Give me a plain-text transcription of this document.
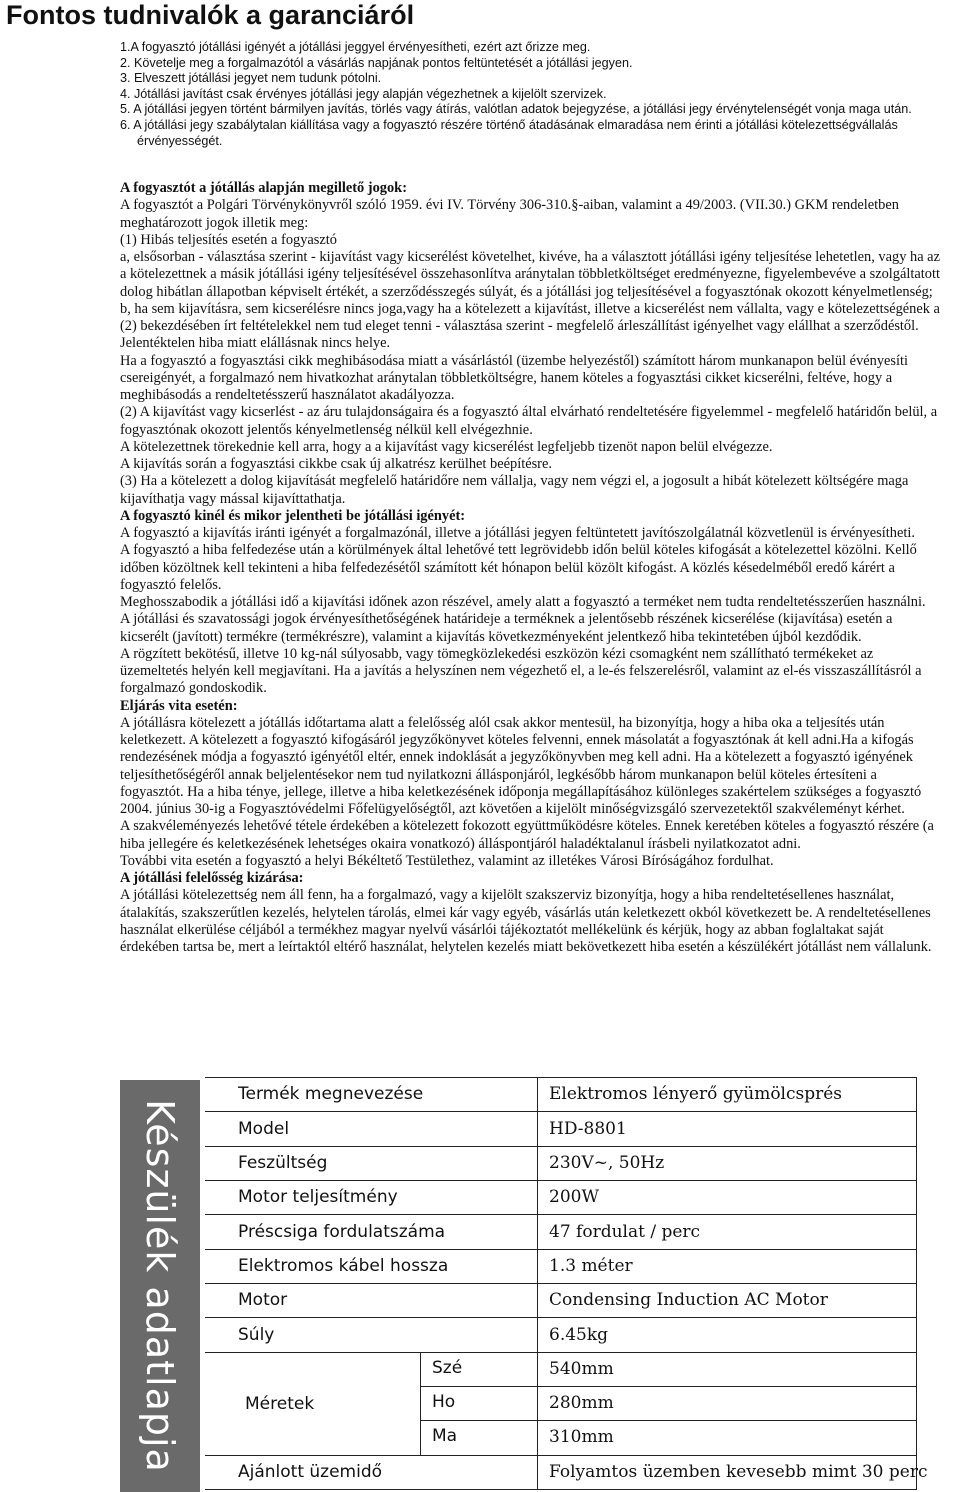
Fontos tudnivalók a garanciáról

1.A fogyasztó jótállási igényét a jótállási jeggyel érvényesítheti, ezért azt őrizze meg.

2. Követelje meg a forgalmazótól a vásárlás napjának pontos feltüntetését a jótállási jegyen.

3. Elveszett jótállási jegyet nem tudunk pótolni.

4. Jótállási javítást csak érvényes jótállási jegy alapján végezhetnek a kijelölt szervizek.

5. A jótállási jegyen történt bármilyen javítás, törlés vagy átírás, valótlan adatok bejegyzése, a jótállási jegy érvénytelenségét vonja maga után.

6. A jótállási jegy szabálytalan kiállítása vagy a fogyasztó részére történő átadásának elmaradása nem érinti a jótállási kötelezettségvállalás érvényességét.

A fogyasztót a jótállás alapján megillető jogok:

A fogyasztót a Polgári Törvénykönyvről szóló 1959. évi IV. Törvény 306-310.§-aiban, valamint a 49/2003. (VII.30.) GKM rendeletben meghatározott jogok illetik meg:

(1) Hibás teljesítés esetén a fogyasztó

a, elsősorban - választása szerint - kijavítást vagy kicserélést követelhet, kivéve, ha a választott jótállási igény teljesítése lehetetlen, vagy ha az a kötelezettnek a másik jótállási igény teljesítésével összehasonlítva aránytalan többletköltséget eredményezne, figyelembevéve a szolgáltatott dolog hibátlan állapotban képviselt értékét, a szerződésszegés súlyát, és a jótállási jog teljesítésével a fogyasztónak okozott kényelmetlenség;

b, ha sem kijavításra, sem kicserélésre nincs joga,vagy ha a kötelezett a kijavítást, illetve a kicserélést nem vállalta, vagy e kötelezettségének a (2) bekezdésében írt feltételekkel nem tud eleget tenni - választása szerint - megfelelő árleszállítást igényelhet vagy elállhat a szerződéstől. Jelentéktelen hiba miatt elállásnak nincs helye.

Ha a fogyasztó a fogyasztási cikk meghibásodása miatt a vásárlástól (üzembe helyezéstől) számított három munkanapon belül évényesíti csereigényét, a forgalmazó nem hivatkozhat aránytalan többletköltségre, hanem köteles a fogyasztási cikket kicserélni, feltéve, hogy a meghibásodás a rendeltetésszerű használatot akadályozza.

(2) A kijavítást vagy kicserlést - az áru tulajdonságaira és a fogyasztó által elvárható rendeltetésére figyelemmel - megfelelő határidőn belül, a fogyasztónak okozott jelentős kényelmetlenség nélkül kell elvégezhnie.

A kötelezettnek törekednie kell arra, hogy a a kijavítást vagy kicserélést legfeljebb tizenöt napon belül elvégezze.

A kijavítás során a fogyasztási cikkbe csak új alkatrész kerülhet beépítésre.

(3) Ha a kötelezett a dolog kijavítását megfelelő határidőre nem vállalja, vagy nem végzi el, a jogosult a hibát kötelezett költségére maga kijavíthatja vagy mással kijavíttathatja.

A fogyasztó kinél és mikor jelentheti be jótállási igényét:

A fogyasztó a kijavítás iránti igényét a forgalmazónál, illetve a jótállási jegyen feltüntetett javítószolgálatnál közvetlenül is érvényesítheti.

A fogyasztó a hiba felfedezése után a körülmények által lehetővé tett legrövidebb időn belül köteles kifogását a kötelezettel közölni. Kellő időben közöltnek kell tekinteni a hiba felfedezésétől számított két hónapon belül közölt kifogást. A közlés késedelméből eredő kárért a fogyasztó felelős.

Meghosszabodik a jótállási idő a kijavítási időnek azon részével, amely alatt a fogyasztó a terméket nem tudta rendeltetésszerűen használni.

A jótállási és szavatossági jogok érvényesíthetőségének határideje a terméknek a jelentősebb részének kicserélése (kijavítása) esetén a kicserélt (javított) termékre (termékrészre), valamint a kijavítás következményeként jelentkező hiba tekintetében újból kezdődik.

A rögzített bekötésű, illetve 10 kg-nál súlyosabb, vagy tömegközlekedési eszközön kézi csomagként nem szállítható termékeket az üzemeltetés helyén kell megjavítani. Ha a javítás a helyszínen nem végezhető el, a le-és felszerelésről, valamint az el-és visszaszállításról a forgalmazó gondoskodik.

Eljárás vita esetén:

A jótállásra kötelezett a jótállás időtartama alatt a felelősség alól csak akkor mentesül, ha bizonyítja, hogy a hiba oka a teljesítés után keletkezett. A kötelezett a fogyasztó kifogásáról jegyzőkönyvet köteles felvenni, ennek másolatát a fogyasztónak át kell adni.Ha a kifogás rendezésének módja a fogyasztó igényétől eltér, ennek indoklását a jegyzőkönyvben meg kell adni. Ha a kötelezett a fogyasztó igényének teljesíthetőségéről annak beljelentésekor nem tud nyilatkozni állásponjáról, legkésőbb három munkanapon belül köteles értesíteni a fogyasztót. Ha a hiba ténye, jellege, illetve a hiba keletkezésének időponja megállapításához különleges szakértelem szükséges a fogyasztó 2004. június 30-ig a Fogyasztóvédelmi Főfelügyelőségtől, azt követően a kijelölt minőségvizsgáló szervezetektől szakvéleményt kérhet.

A szakvéleményezés lehetővé tétele érdekében a kötelezett fokozott együttműködésre köteles. Ennek keretében köteles a fogyasztó részére (a hiba jellegére és keletkezésének lehetséges okaira vonatkozó) álláspontjáról haladéktalanul írásbeli nyilatkozatot adni.

További vita esetén a fogyasztó a helyi Békéltető Testülethez, valamint az illetékes Városi Bíróságához fordulhat.

A jótállási felelősség kizárása:

A jótállási kötelezettség nem áll fenn, ha a forgalmazó, vagy a kijelölt szakszerviz bizonyítja, hogy a hiba rendeltetésellenes használat, átalakítás, szakszerűtlen kezelés, helytelen tárolás, elmei kár vagy egyéb, vásárlás után keletkezett okból következett be. A rendeltetésellenes használat elkerülése céljából a termékhez magyar nyelvű vásárlói tájékoztatót mellékelünk és kérjük, hogy az abban foglaltakat saját érdekében tartsa be, mert a leírtaktól eltérő használat, helytelen kezelés miatt bekövetkezett hiba esetén a készülékért jótállást nem vállalunk.

Készülék adatlapja
Termék megnevezése	Elektromos lényerő gyümölcsprés
Model	HD-8801
Feszültség	230V~, 50Hz
Motor teljesítmény	200W
Préscsiga fordulatszáma	47 fordulat / perc
Elektromos kábel hossza	1.3 méter
Motor	Condensing Induction AC Motor
Súly	6.45kg
Méretek
Szé	540mm
Ho	280mm
Ma	310mm
Ajánlott üzemidő	Folyamtos üzemben kevesebb mimt 30 perc
